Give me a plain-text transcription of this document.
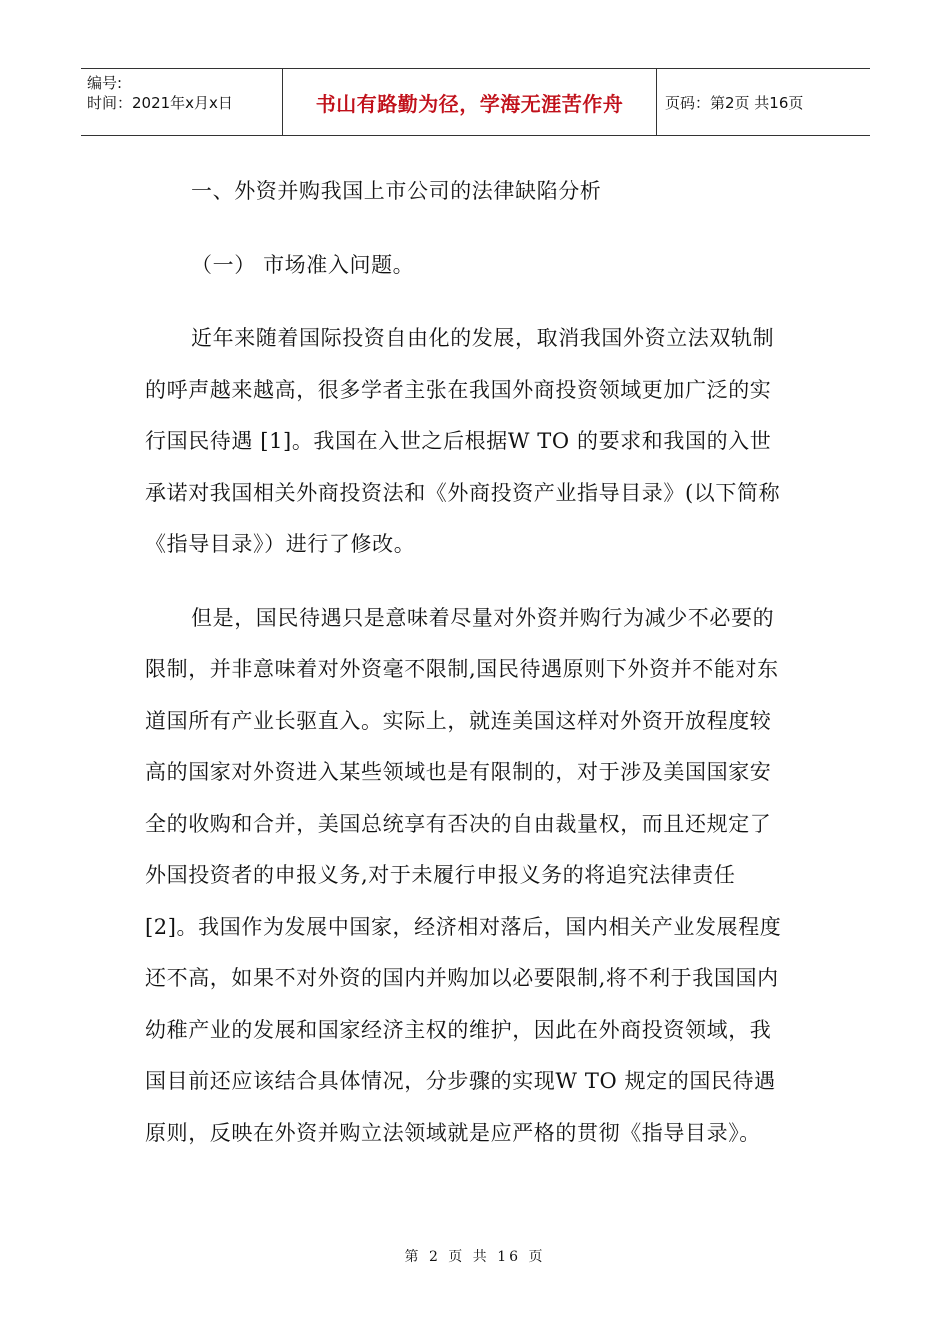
编号:
时间：2021年x月x日	书山有路勤为径，学海无涯苦作舟	页码：第2页 共16页
一、外资并购我国上市公司的法律缺陷分析
（一） 市场准入问题。
近年来随着国际投资自由化的发展，取消我国外资立法双轨制
的呼声越来越高，很多学者主张在我国外商投资领域更加广泛的实
行国民待遇 [1]。我国在入世之后根据W TO 的要求和我国的入世
承诺对我国相关外商投资法和《外商投资产业指导目录》(以下简称
《指导目录》）进行了修改。
但是，国民待遇只是意味着尽量对外资并购行为减少不必要的
限制，并非意味着对外资毫不限制,国民待遇原则下外资并不能对东
道国所有产业长驱直入。实际上，就连美国这样对外资开放程度较
高的国家对外资进入某些领域也是有限制的，对于涉及美国国家安
全的收购和合并，美国总统享有否决的自由裁量权，而且还规定了
外国投资者的申报义务,对于未履行申报义务的将追究法律责任
[2]。我国作为发展中国家，经济相对落后，国内相关产业发展程度
还不高，如果不对外资的国内并购加以必要限制,将不利于我国国内
幼稚产业的发展和国家经济主权的维护，因此在外商投资领域，我
国目前还应该结合具体情况，分步骤的实现W TO 规定的国民待遇
原则，反映在外资并购立法领域就是应严格的贯彻《指导目录》。
第 2 页 共 16 页
